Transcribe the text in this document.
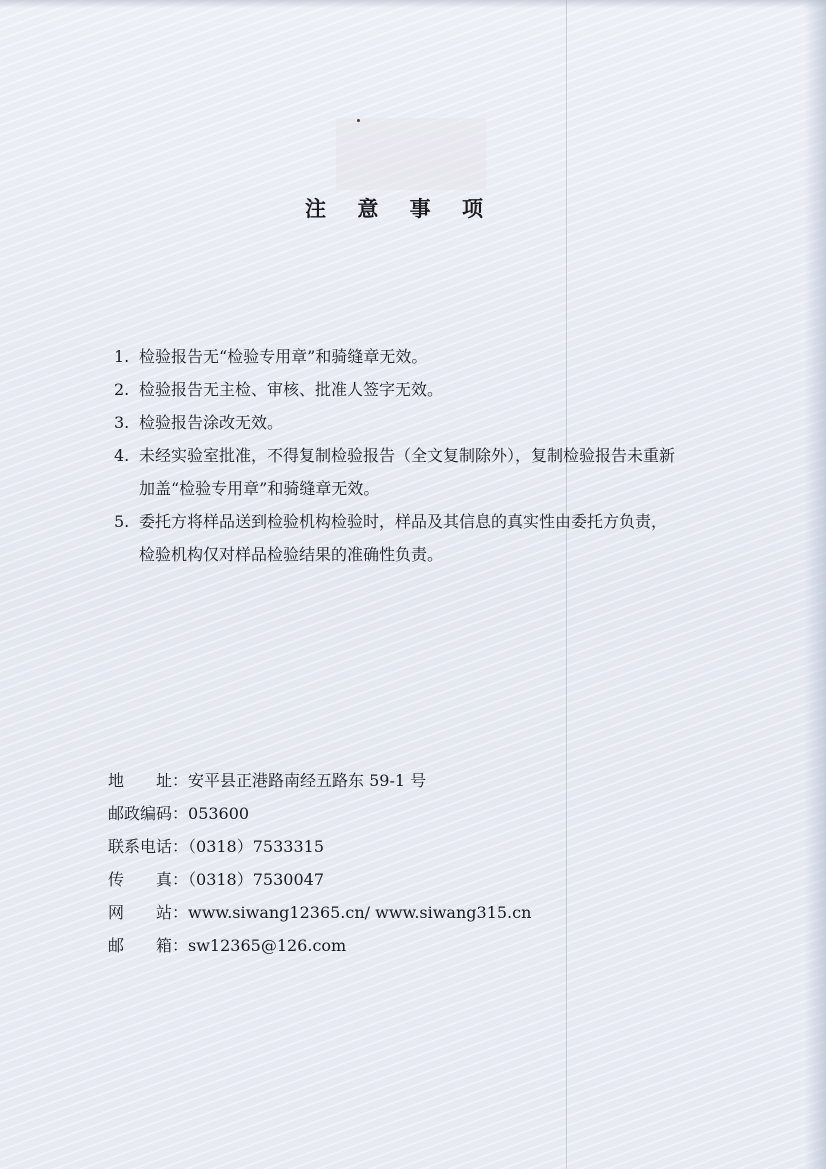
注 意 事 项
1. 检验报告无“检验专用章”和骑缝章无效。
2. 检验报告无主检、审核、批准人签字无效。
3. 检验报告涂改无效。
4. 未经实验室批准，不得复制检验报告（全文复制除外），复制检验报告未重新
加盖“检验专用章”和骑缝章无效。
5. 委托方将样品送到检验机构检验时，样品及其信息的真实性由委托方负责，
检验机构仅对样品检验结果的准确性负责。
地　　址：安平县正港路南经五路东 59-1 号
邮政编码：053600
联系电话：（0318）7533315
传　　真：（0318）7530047
网　　站：www.siwang12365.cn/ www.siwang315.cn
邮　　箱：sw12365@126.com
